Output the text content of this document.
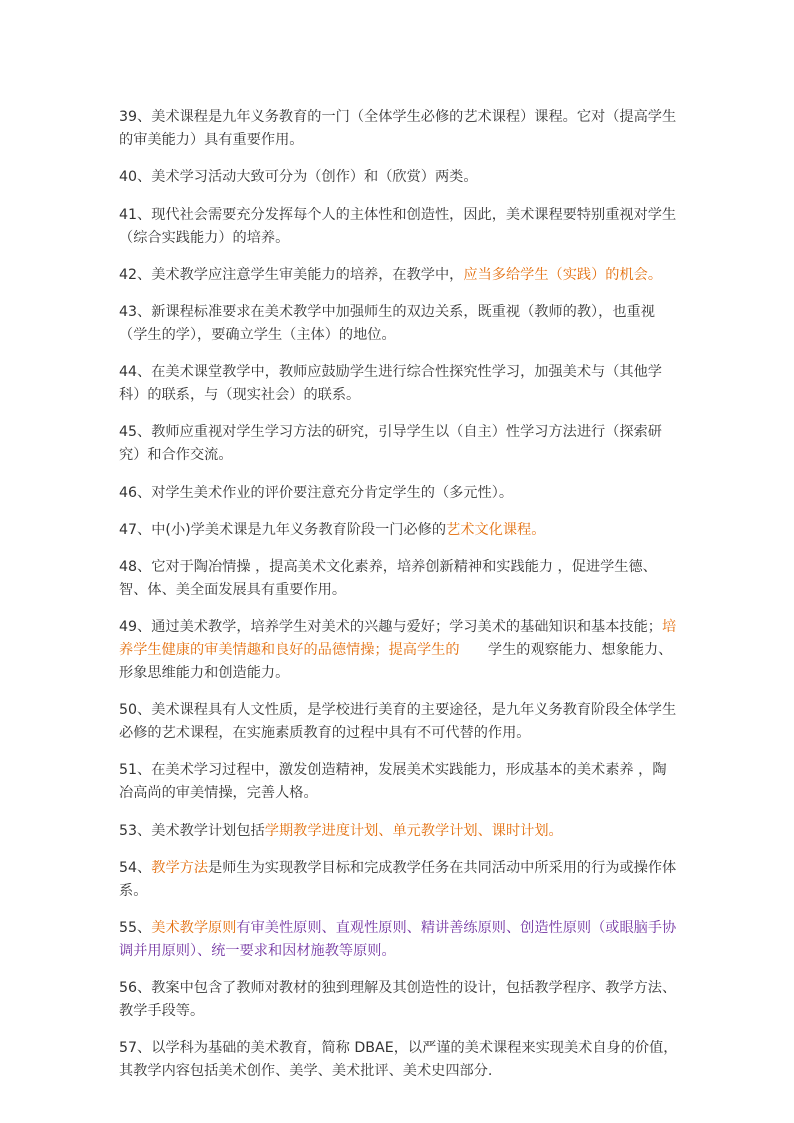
39、美术课程是九年义务教育的一门（全体学生必修的艺术课程）课程。它对（提高学生的审美能力）具有重要作用。

40、美术学习活动大致可分为（创作）和（欣赏）两类。

41、现代社会需要充分发挥每个人的主体性和创造性，因此，美术课程要特别重视对学生（综合实践能力）的培养。

42、美术教学应注意学生审美能力的培养，在教学中，应当多给学生（实践）的机会。

43、新课程标准要求在美术教学中加强师生的双边关系，既重视（教师的教），也重视（学生的学），要确立学生（主体）的地位。

44、在美术课堂教学中，教师应鼓励学生进行综合性探究性学习，加强美术与（其他学科）的联系，与（现实社会）的联系。

45、教师应重视对学生学习方法的研究，引导学生以（自主）性学习方法进行（探索研究）和合作交流。

46、对学生美术作业的评价要注意充分肯定学生的（多元性）。

47、中(小)学美术课是九年义务教育阶段一门必修的艺术文化课程。

48、它对于陶冶情操 ，提高美术文化素养，培养创新精神和实践能力 ，促进学生德、智、体、美全面发展具有重要作用。

49、通过美术教学，培养学生对美术的兴趣与爱好；学习美术的基础知识和基本技能；培养学生健康的审美情趣和良好的品德情操；提高学生的　　学生的观察能力、想象能力、形象思维能力和创造能力。

50、美术课程具有人文性质，是学校进行美育的主要途径，是九年义务教育阶段全体学生必修的艺术课程，在实施素质教育的过程中具有不可代替的作用。

51、在美术学习过程中，激发创造精神，发展美术实践能力，形成基本的美术素养 ，陶冶高尚的审美情操，完善人格。

53、美术教学计划包括学期教学进度计划、单元教学计划、课时计划。

54、教学方法是师生为实现教学目标和完成教学任务在共同活动中所采用的行为或操作体系。

55、美术教学原则有审美性原则、直观性原则、精讲善练原则、创造性原则（或眼脑手协调并用原则）、统一要求和因材施教等原则。

56、教案中包含了教师对教材的独到理解及其创造性的设计，包括教学程序、教学方法、教学手段等。

57、以学科为基础的美术教育，简称 DBAE，以严谨的美术课程来实现美术自身的价值，其教学内容包括美术创作、美学、美术批评、美术史四部分.
